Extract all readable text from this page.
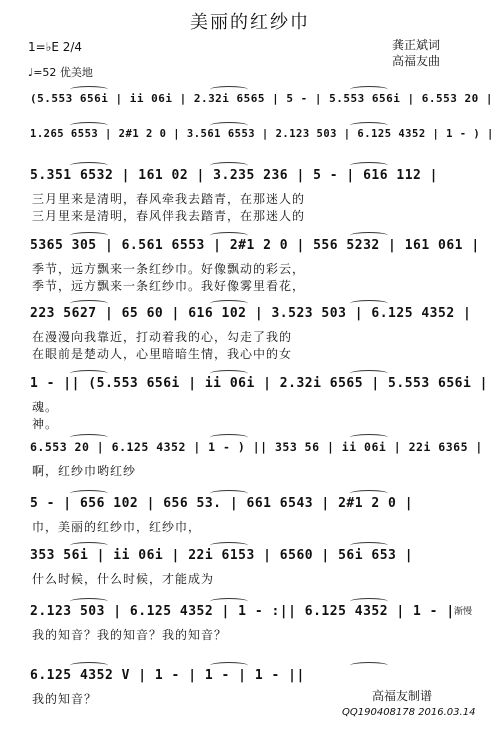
美丽的红纱巾
1=♭E 2/4
♩=52 优美地
龚正斌词
高福友曲
(5.553 656i | ii 06i | 2.32i 6565 | 5 - | 5.553 656i | 6.553 20 |
1.265 6553 | 2#1 2 0 | 3.561 6553 | 2.123 503 | 6.125 4352 | 1 - ) |
5.351 6532 | 161 02 | 3.235 236 | 5 - | 616 112 |
三月里来是清明，春风牵我去踏青，在那迷人的
三月里来是清明，春风伴我去踏青，在那迷人的
5365 305 | 6.561 6553 | 2#1 2 0 | 556 5232 | 161 061 |
季节，远方飘来一条红纱巾。好像飘动的彩云，
季节，远方飘来一条红纱巾。我好像雾里看花，
223 5627 | 65 60 | 616 102 | 3.523 503 | 6.125 4352 |
在漫漫向我靠近，打动着我的心，勾走了我的
在眼前是楚动人，心里暗暗生情，我心中的女
1 - || (5.553 656i | ii 06i | 2.32i 6565 | 5.553 656i |
魂。
神。
6.553 20 | 6.125 4352 | 1 - ) || 353 56 | ii 06i | 22i 6365 |
啊，红纱巾哟红纱
5 - | 656 102 | 656 53. | 661 6543 | 2#1 2 0 |
巾，美丽的红纱巾，红纱巾，
353 56i | ii 06i | 22i 6153 | 6560 | 56i 653 |
什么时候，什么时候，才能成为
2.123 503 | 6.125 4352 | 1 - :|| 6.125 4352 | 1 - |
我的知音？我的知音？我的知音？
6.125 4352 V | 1 - | 1 - | 1 - ||
我的知音？
渐慢
高福友制谱
QQ190408178 2016.03.14
